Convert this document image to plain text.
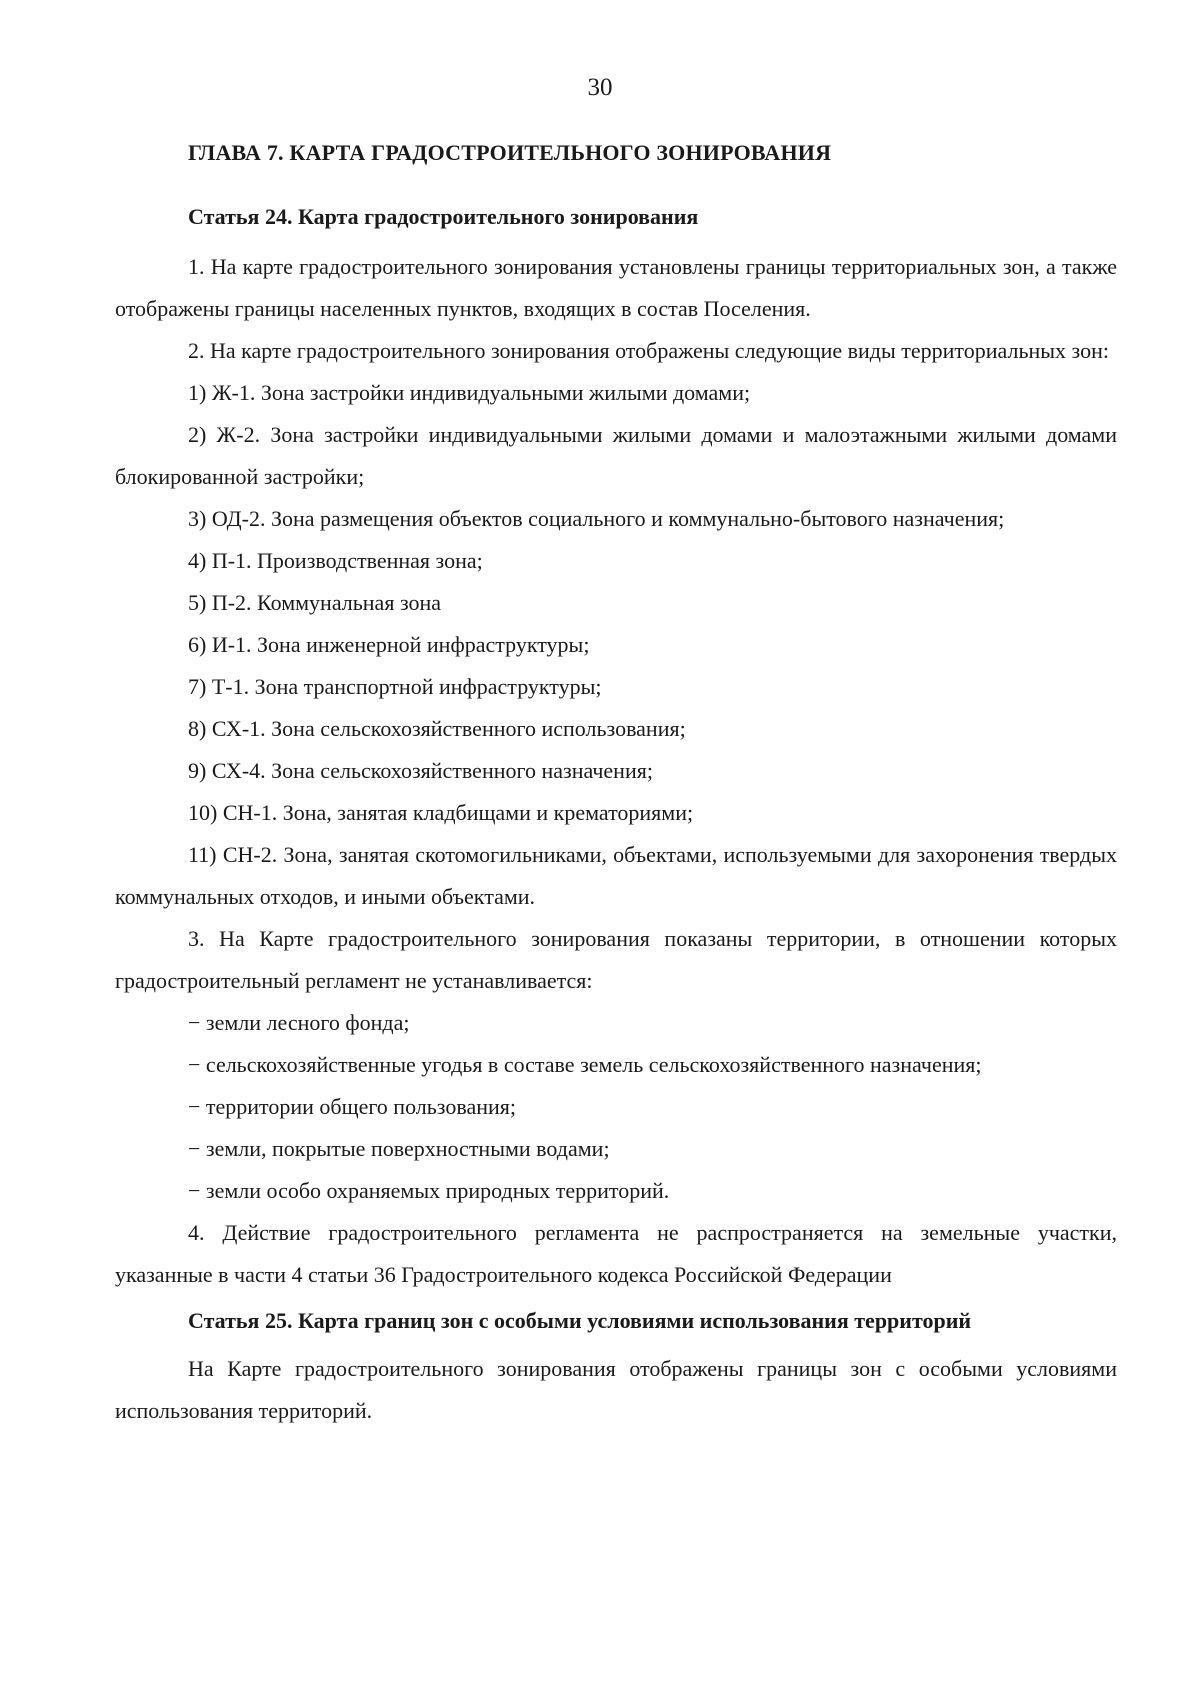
30
ГЛАВА 7. КАРТА ГРАДОСТРОИТЕЛЬНОГО ЗОНИРОВАНИЯ
Статья 24. Карта градостроительного зонирования

1. На карте градостроительного зонирования установлены границы территориальных зон, а также отображены границы населенных пунктов, входящих в состав Поселения.

2. На карте градостроительного зонирования отображены следующие виды территориальных зон:

1) Ж-1. Зона застройки индивидуальными жилыми домами;

2) Ж-2. Зона застройки индивидуальными жилыми домами и малоэтажными жилыми домами блокированной застройки;

3) ОД-2. Зона размещения объектов социального и коммунально-бытового назначения;

4) П-1. Производственная зона;

5) П-2. Коммунальная зона

6) И-1. Зона инженерной инфраструктуры;

7) Т-1. Зона транспортной инфраструктуры;

8) СХ-1. Зона сельскохозяйственного использования;

9) СХ-4. Зона сельскохозяйственного назначения;

10) СН-1. Зона, занятая кладбищами и крематориями;

11) СН-2. Зона, занятая скотомогильниками, объектами, используемыми для захоронения твердых коммунальных отходов, и иными объектами.

3. На Карте градостроительного зонирования показаны территории, в отношении которых градостроительный регламент не устанавливается:

− земли лесного фонда;

− сельскохозяйственные угодья в составе земель сельскохозяйственного назначения;

− территории общего пользования;

− земли, покрытые поверхностными водами;

− земли особо охраняемых природных территорий.

4. Действие градостроительного регламента не распространяется на земельные участки, указанные в части 4 статьи 36 Градостроительного кодекса Российской Федерации

Статья 25. Карта границ зон с особыми условиями использования территорий

На Карте градостроительного зонирования отображены границы зон с особыми условиями использования территорий.
